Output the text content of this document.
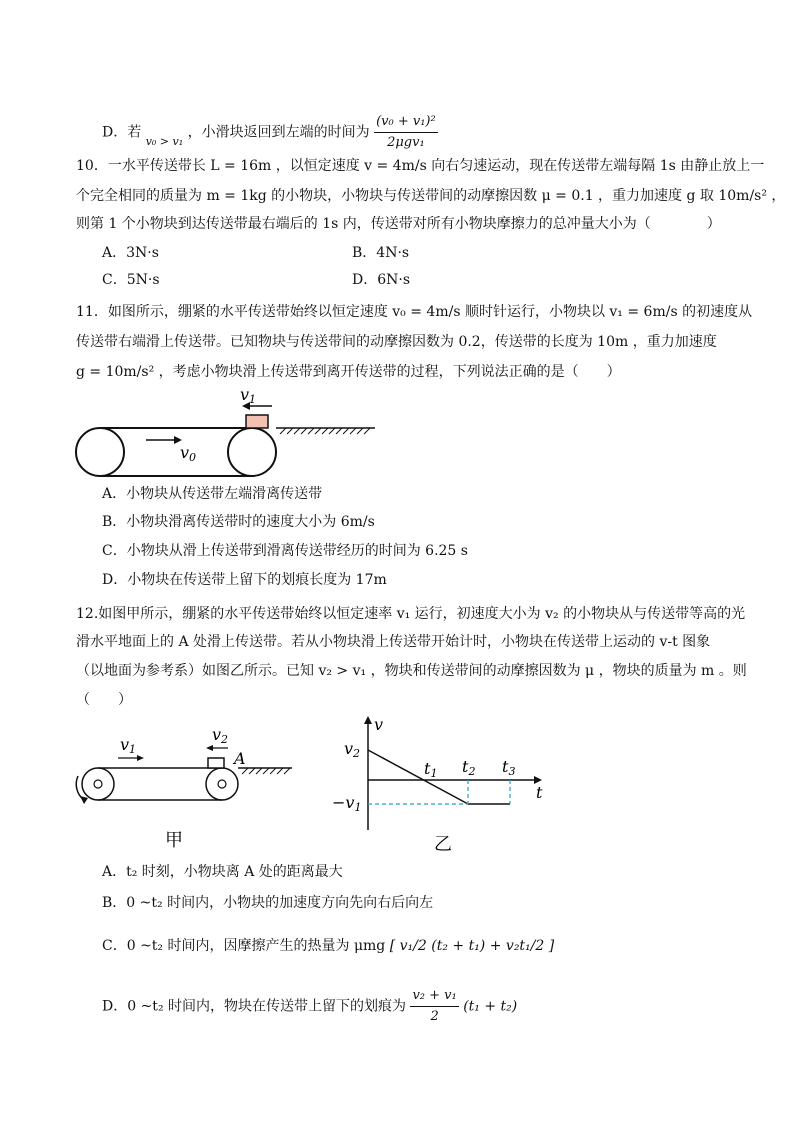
D．若 $_{v_0 > v_1}$ ，小滑块返回到左端的时间为 $\frac{\text{(v₀ + v₁)²}}{\text{2μgv₁}}$
10．一水平传送带长 L = 16m ，以恒定速度 v = 4m/s 向右匀速运动，现在传送带左端每隔 1s 由静止放上一
个完全相同的质量为 m = 1kg 的小物块，小物块与传送带间的动摩擦因数 μ = 0.1 ，重力加速度 g 取 10m/s² ，
则第 1 个小物块到达传送带最右端后的 1s 内，传送带对所有小物块摩擦力的总冲量大小为（　　　　）
A．3N·s	B．4N·s
C．5N·s	D．6N·s
11．如图所示，绷紧的水平传送带始终以恒定速度 v₀ = 4m/s 顺时针运行，小物块以 v₁ = 6m/s 的初速度从
传送带右端滑上传送带。已知物块与传送带间的动摩擦因数为 0.2，传送带的长度为 10m ，重力加速度
g = 10m/s² ，考虑小物块滑上传送带到离开传送带的过程，下列说法正确的是（　　）
v1
v0
A．小物块从传送带左端滑离传送带
B．小物块滑离传送带时的速度大小为 6m/s
C．小物块从滑上传送带到滑离传送带经历的时间为 6.25 s
D．小物块在传送带上留下的划痕长度为 17m
12.如图甲所示，绷紧的水平传送带始终以恒定速率 v₁ 运行，初速度大小为 v₂ 的小物块从与传送带等高的光
滑水平地面上的 A 处滑上传送带。若从小物块滑上传送带开始计时，小物块在传送带上运动的 v-t 图象
（以地面为参考系）如图乙所示。已知 v₂ > v₁ ，物块和传送带间的动摩擦因数为 μ ，物块的质量为 m 。则
（　　）
A
v1
v2
甲
v
t
v2
−v1
t1 t2 t3
乙
A．t₂ 时刻，小物块离 A 处的距离最大
B．0 ~t₂ 时间内，小物块的加速度方向先向右后向左
C．0 ~t₂ 时间内，因摩擦产生的热量为 μmg [ v₁/2 (t₂ + t₁) + v₂t₁/2 ]
D．0 ~t₂ 时间内，物块在传送带上留下的划痕为 $\frac{\text{v₂ + v₁}}{2} (t_1 + t_2)$
